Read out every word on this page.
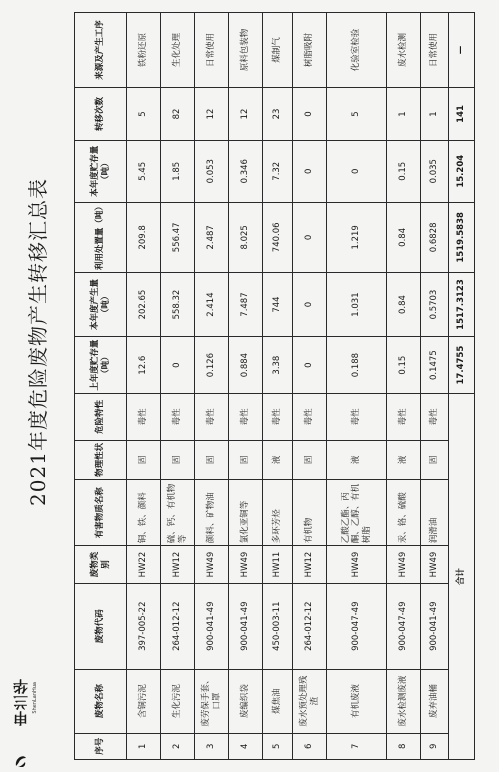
2021年度危险废物产生转移汇总表
序号	废物名称	废物代码	废物类别	有害物质名称	物理性状	危险特性	上年度贮存量（吨）	本年度产生量（吨）	利用处置量（吨）	本年度贮存量（吨）	转移次数	来源及产生工序
1	含铜污泥	397-005-22	HW22	铜、铁、颜料	固	毒性	12.6	202.65	209.8	5.45	5	铁粉还原
2	生化污泥	264-012-12	HW12	硫、钙、有机物等	固	毒性	0	558.32	556.47	1.85	82	生化处理
3	废劳保手套、口罩	900-041-49	HW49	颜料、矿物油	固	毒性	0.126	2.414	2.487	0.053	12	日常使用
4	废编织袋	900-041-49	HW49	氯化亚铜等	固	毒性	0.884	7.487	8.025	0.346	12	原料包装物
5	煤焦油	450-003-11	HW11	多环芳烃	液	毒性	3.38	744	740.06	7.32	23	煤制气
6	废水预处理残渣	264-012-12	HW12	有机物	固	毒性	0	0	0	0	0	树脂吸附
7	有机废液	900-047-49	HW49	乙酸乙酯、丙酮、乙醇、有机树脂	液	毒性	0.188	1.031	1.219	0	5	化验室检验
8	废水检测废液	900-047-49	HW49	汞、铬、硫酸	液	毒性	0.15	0.84	0.84	0.15	1	废水检测
9	废弃油桶	900-041-49	HW49	润滑油	固	毒性	0.1475	0.5703	0.6828	0.035	1	日常使用
合计							17.4755	1517.3123	1519.5838	15.204	141	—
申兰华 ShenLanHua
